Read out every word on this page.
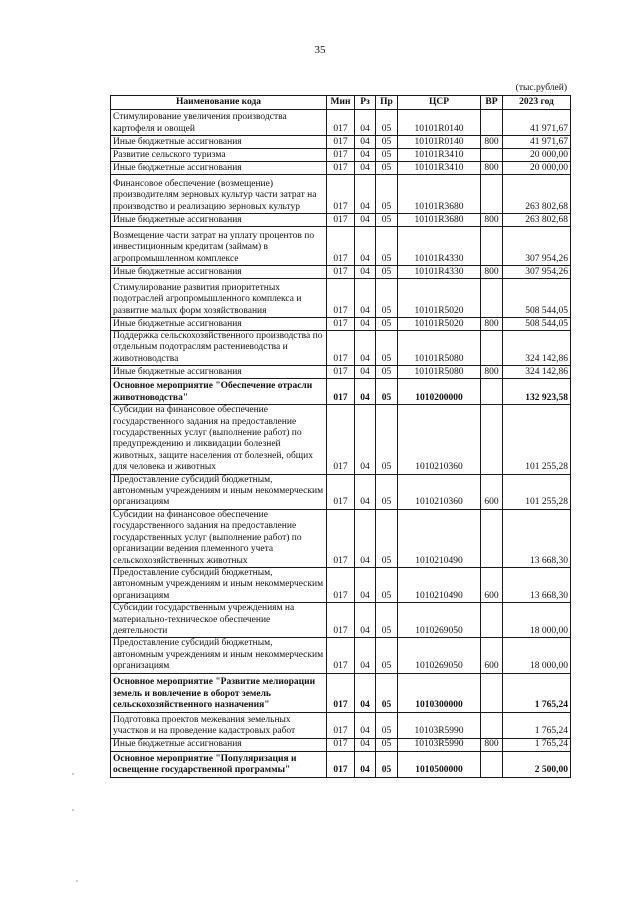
35
(тыс.рублей)
Наименование кода	Мин	Рз	Пр	ЦСР	ВР	2023 год
Стимулирование увеличения производства картофеля и овощей	017	04	05	10101R0140		41 971,67
Иные бюджетные ассигнования	017	04	05	10101R0140	800	41 971,67
Развитие сельского туризма	017	04	05	10101R3410		20 000,00
Иные бюджетные ассигнования	017	04	05	10101R3410	800	20 000,00
Финансовое обеспечение (возмещение) производителям зерновых культур части затрат на производство и реализацию зерновых культур	017	04	05	10101R3680		263 802,68
Иные бюджетные ассигнования	017	04	05	10101R3680	800	263 802,68
Возмещение части затрат на уплату процентов по инвестиционным кредитам (займам) в агропромышленном комплексе	017	04	05	10101R4330		307 954,26
Иные бюджетные ассигнования	017	04	05	10101R4330	800	307 954,26
Стимулирование развития приоритетных подотраслей агропромышленного комплекса и развитие малых форм хозяйствования	017	04	05	10101R5020		508 544,05
Иные бюджетные ассигнования	017	04	05	10101R5020	800	508 544,05
Поддержка сельскохозяйственного производства по отдельным подотраслям растениеводства и животноводства	017	04	05	10101R5080		324 142,86
Иные бюджетные ассигнования	017	04	05	10101R5080	800	324 142,86
Основное мероприятие "Обеспечение отрасли животноводства"	017	04	05	1010200000		132 923,58
Субсидии на финансовое обеспечение государственного задания на предоставление государственных услуг (выполнение работ) по предупреждению и ликвидации болезней животных, защите населения от болезней, общих для человека и животных	017	04	05	1010210360		101 255,28
Предоставление субсидий бюджетным, автономным учреждениям и иным некоммерческим организациям	017	04	05	1010210360	600	101 255,28
Субсидии на финансовое обеспечение государственного задания на предоставление государственных услуг (выполнение работ) по организации ведения племенного учета сельскохозяйственных животных	017	04	05	1010210490		13 668,30
Предоставление субсидий бюджетным, автономным учреждениям и иным некоммерческим организациям	017	04	05	1010210490	600	13 668,30
Субсидии государственным учреждениям на материально-техническое обеспечение деятельности	017	04	05	1010269050		18 000,00
Предоставление субсидий бюджетным, автономным учреждениям и иным некоммерческим организациям	017	04	05	1010269050	600	18 000,00
Основное мероприятие "Развитие мелиорации земель и вовлечение в оборот земель сельскохозяйственного назначения"	017	04	05	1010300000		1 765,24
Подготовка проектов межевания земельных участков и на проведение кадастровых работ	017	04	05	10103R5990		1 765,24
Иные бюджетные ассигнования	017	04	05	10103R5990	800	1 765,24
Основное мероприятие "Популяризация и освещение государственной программы"	017	04	05	1010500000		2 500,00
